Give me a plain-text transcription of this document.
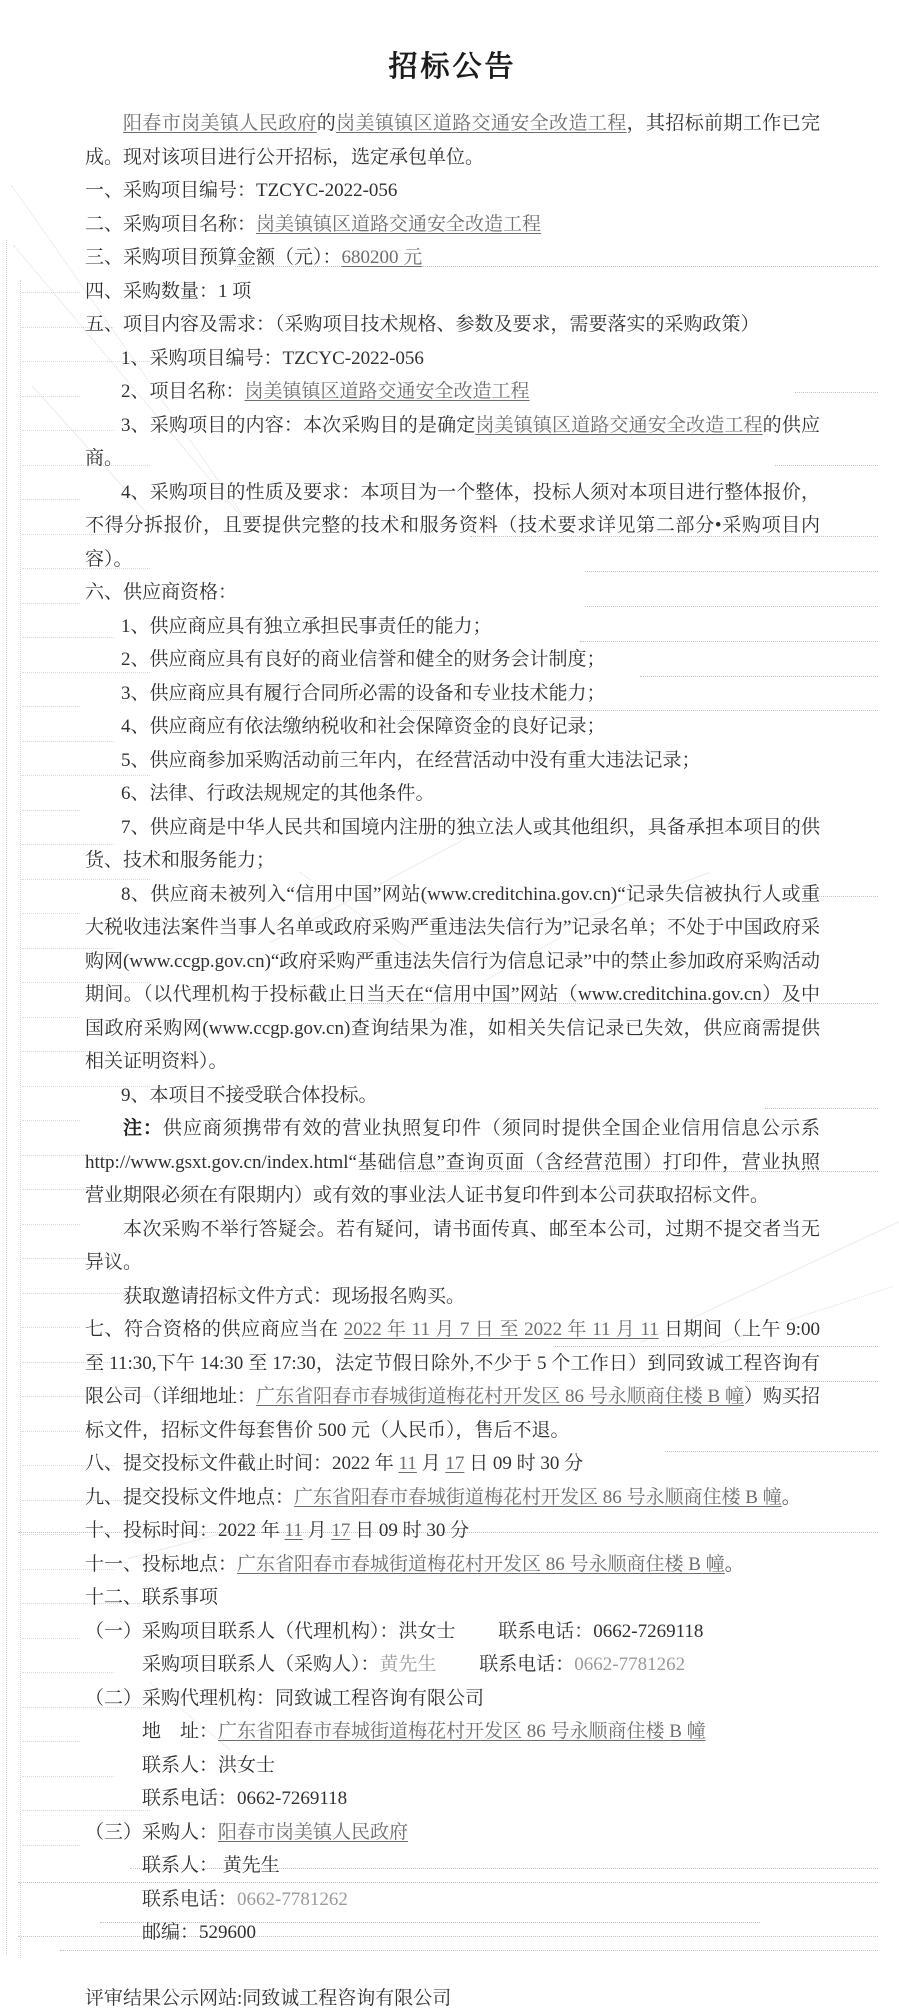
招标公告

阳春市岗美镇人民政府的岗美镇镇区道路交通安全改造工程，其招标前期工作已完成。现对该项目进行公开招标，选定承包单位。

一、采购项目编号：TZCYC-2022-056

二、采购项目名称：岗美镇镇区道路交通安全改造工程

三、采购项目预算金额（元）：680200 元

四、采购数量：1 项

五、项目内容及需求：（采购项目技术规格、参数及要求，需要落实的采购政策）

1、采购项目编号：TZCYC-2022-056

2、项目名称：岗美镇镇区道路交通安全改造工程

3、采购项目的内容：本次采购目的是确定岗美镇镇区道路交通安全改造工程的供应商。

4、采购项目的性质及要求：本项目为一个整体，投标人须对本项目进行整体报价，不得分拆报价，且要提供完整的技术和服务资料（技术要求详见第二部分•采购项目内容）。

六、供应商资格：

1、供应商应具有独立承担民事责任的能力；

2、供应商应具有良好的商业信誉和健全的财务会计制度；

3、供应商应具有履行合同所必需的设备和专业技术能力；

4、供应商应有依法缴纳税收和社会保障资金的良好记录；

5、供应商参加采购活动前三年内，在经营活动中没有重大违法记录；

6、法律、行政法规规定的其他条件。

7、供应商是中华人民共和国境内注册的独立法人或其他组织，具备承担本项目的供货、技术和服务能力；

8、供应商未被列入“信用中国”网站(www.creditchina.gov.cn)“记录失信被执行人或重大税收违法案件当事人名单或政府采购严重违法失信行为”记录名单；不处于中国政府采购网(www.ccgp.gov.cn)“政府采购严重违法失信行为信息记录”中的禁止参加政府采购活动期间。（以代理机构于投标截止日当天在“信用中国”网站（www.creditchina.gov.cn）及中国政府采购网(www.ccgp.gov.cn)查询结果为准，如相关失信记录已失效，供应商需提供相关证明资料）。

9、本项目不接受联合体投标。

注：供应商须携带有效的营业执照复印件（须同时提供全国企业信用信息公示系 http://www.gsxt.gov.cn/index.html“基础信息”查询页面（含经营范围）打印件，营业执照营业期限必须在有限期内）或有效的事业法人证书复印件到本公司获取招标文件。

本次采购不举行答疑会。若有疑问，请书面传真、邮至本公司，过期不提交者当无异议。

获取邀请招标文件方式：现场报名购买。

七、符合资格的供应商应当在 2022 年 11 月 7 日 至 2022 年 11 月 11 日期间（上午 9:00 至 11:30,下午 14:30 至 17:30，法定节假日除外,不少于 5 个工作日）到同致诚工程咨询有限公司（详细地址：广东省阳春市春城街道梅花村开发区 86 号永顺商住楼 B 幢）购买招标文件，招标文件每套售价 500 元（人民币），售后不退。

八、提交投标文件截止时间：2022 年 11 月 17 日 09 时 30 分

九、提交投标文件地点：广东省阳春市春城街道梅花村开发区 86 号永顺商住楼 B 幢。

十、投标时间：2022 年 11 月 17 日 09 时 30 分

十一、投标地点：广东省阳春市春城街道梅花村开发区 86 号永顺商住楼 B 幢。

十二、联系事项

（一）采购项目联系人（代理机构）：洪女士　　 联系电话：0662-7269118

采购项目联系人（采购人）：黄先生　　 联系电话：0662-7781262

（二）采购代理机构：同致诚工程咨询有限公司

地　址：广东省阳春市春城街道梅花村开发区 86 号永顺商住楼 B 幢

联系人：洪女士

联系电话：0662-7269118

（三）采购人：阳春市岗美镇人民政府

联系人： 黄先生

联系电话：0662-7781262

邮编：529600

评审结果公示网站:同致诚工程咨询有限公司
